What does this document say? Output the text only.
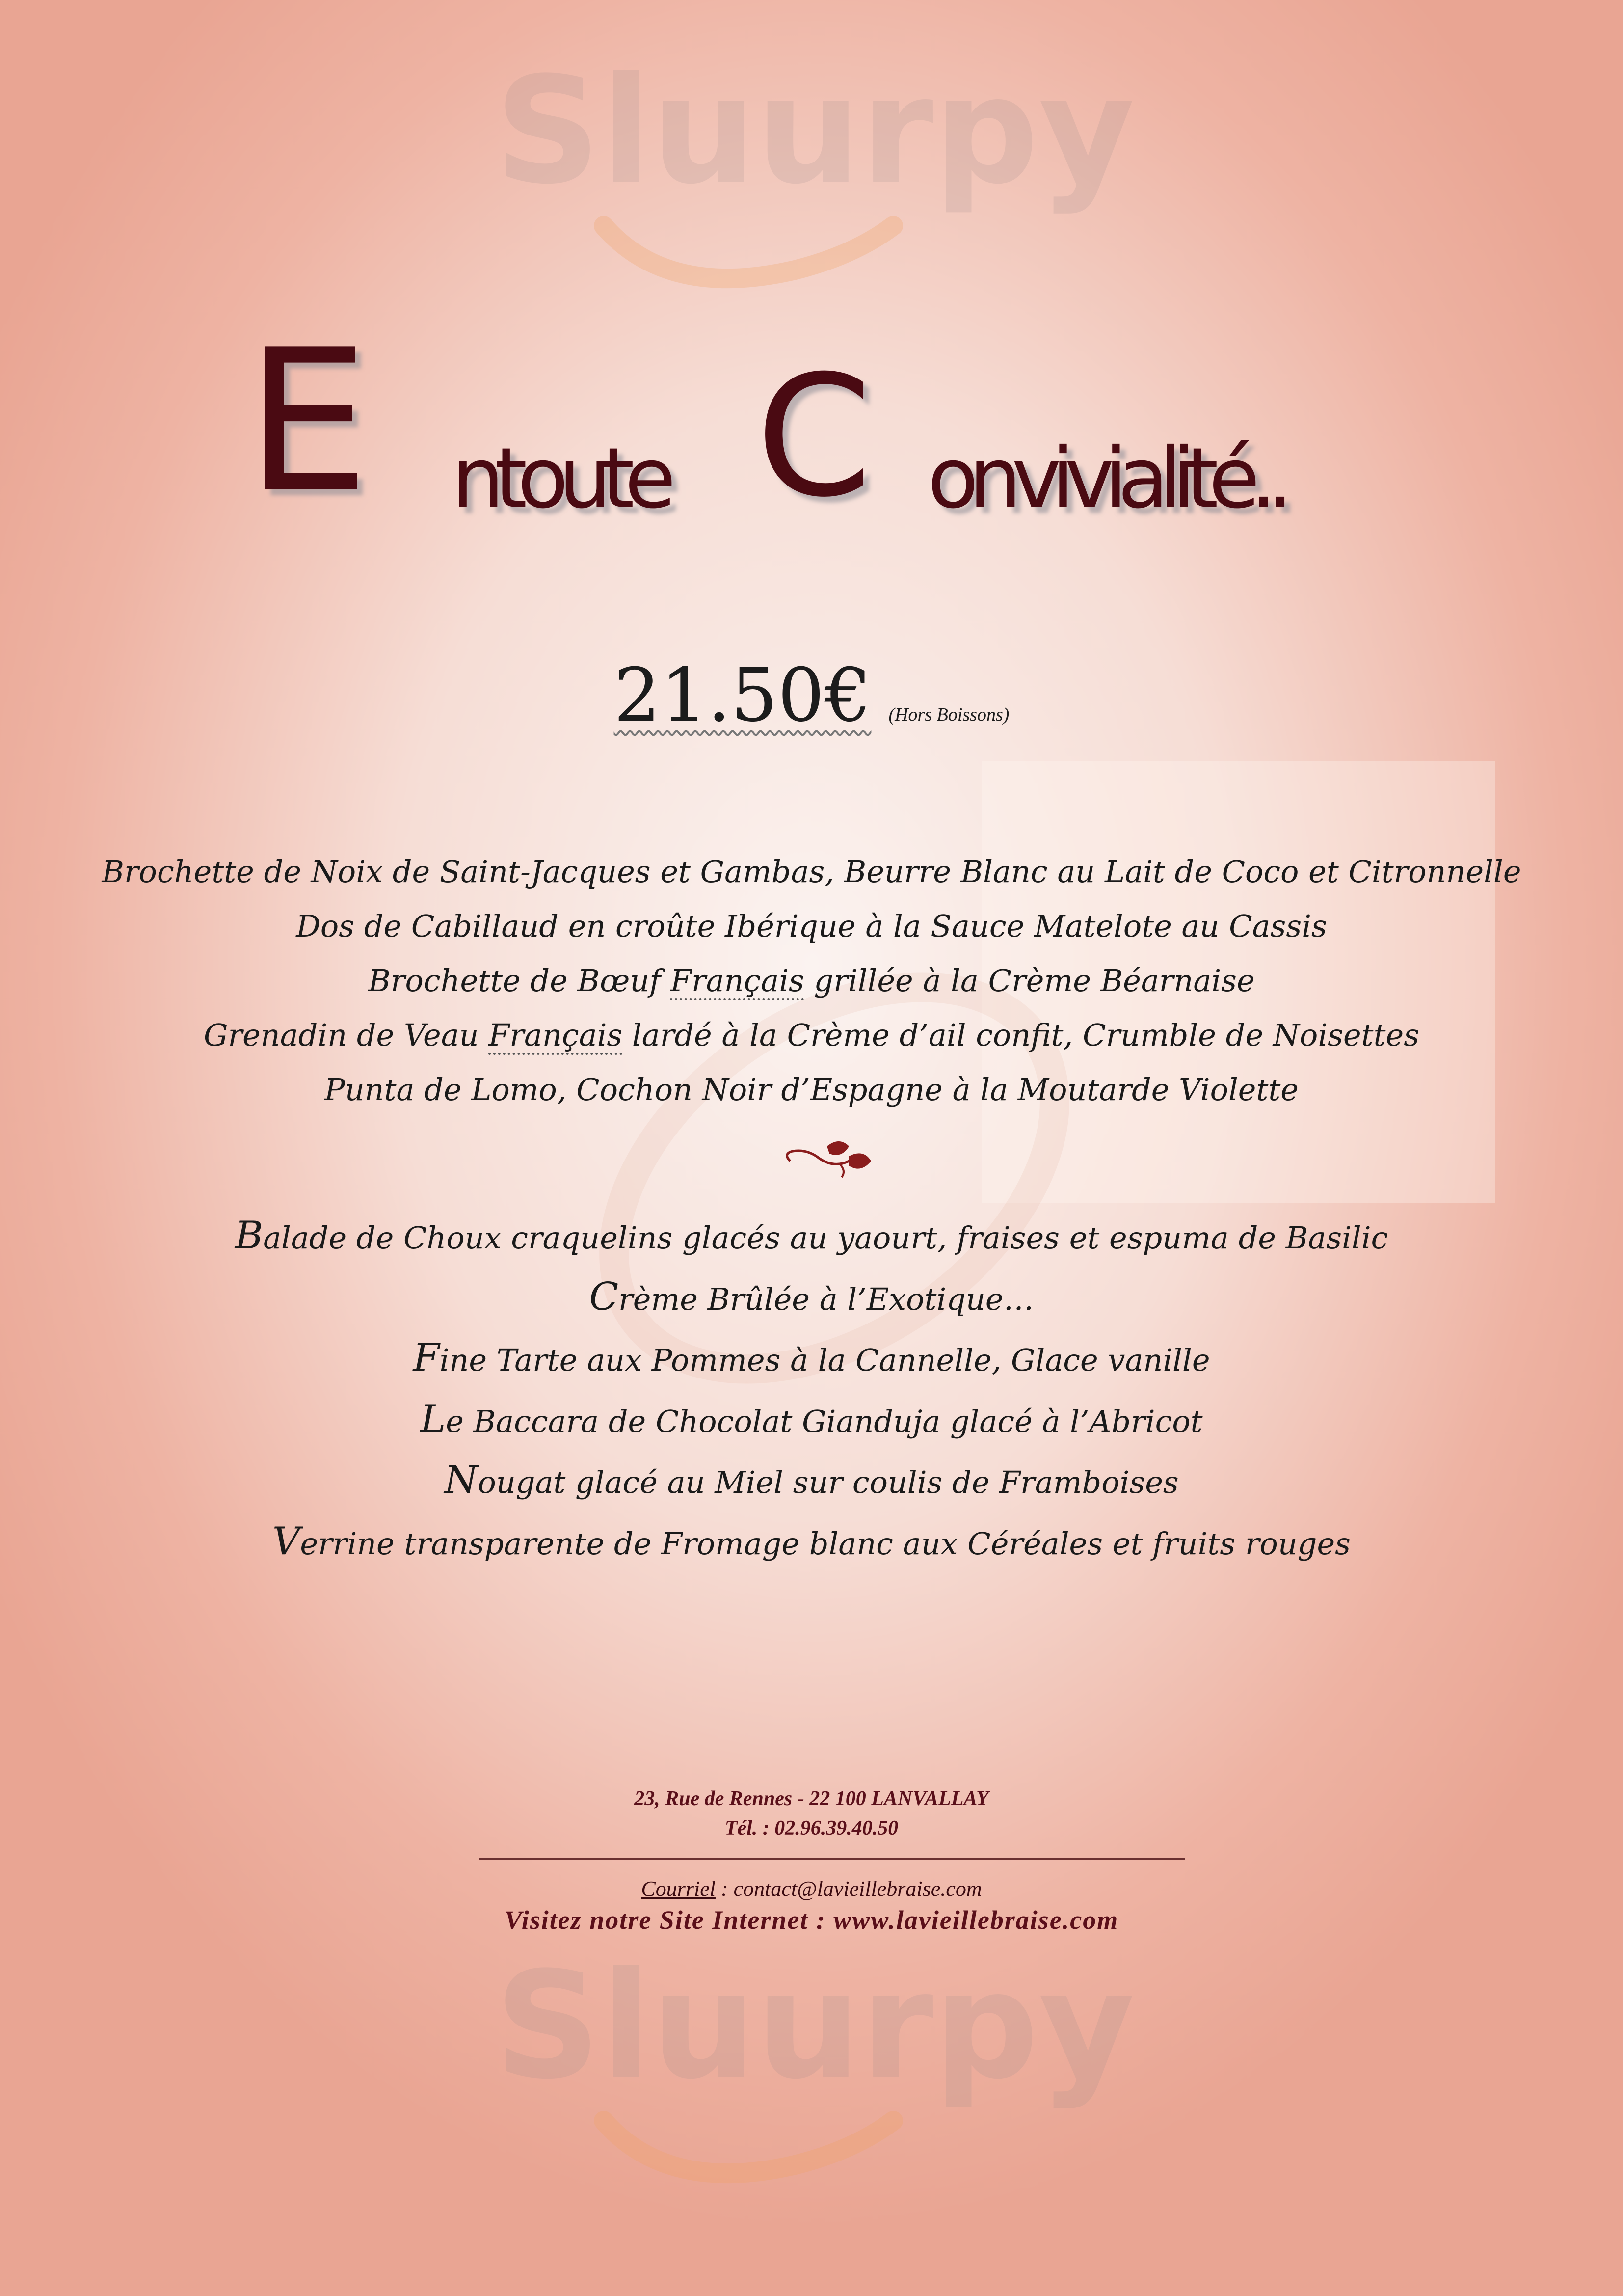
Sluurpy
Sluurpy
E ntoute C onvivialité..
21.50€ (Hors Boissons)
Brochette de Noix de Saint-Jacques et Gambas, Beurre Blanc au Lait de Coco et Citronnelle
Dos de Cabillaud en croûte Ibérique à la Sauce Matelote au Cassis
Brochette de Bœuf Français grillée à la Crème Béarnaise
Grenadin de Veau Français lardé à la Crème d’ail confit, Crumble de Noisettes
Punta de Lomo, Cochon Noir d’Espagne à la Moutarde Violette
Balade de Choux craquelins glacés au yaourt, fraises et espuma de Basilic
Crème Brûlée à l’Exotique…
Fine Tarte aux Pommes à la Cannelle, Glace vanille
Le Baccara de Chocolat Gianduja glacé à l’Abricot
Nougat glacé au Miel sur coulis de Framboises
Verrine transparente de Fromage blanc aux Céréales et fruits rouges
23, Rue de Rennes - 22 100 LANVALLAY
Tél. : 02.96.39.40.50
Courriel : contact@lavieillebraise.com
Visitez notre Site Internet : www.lavieillebraise.com
